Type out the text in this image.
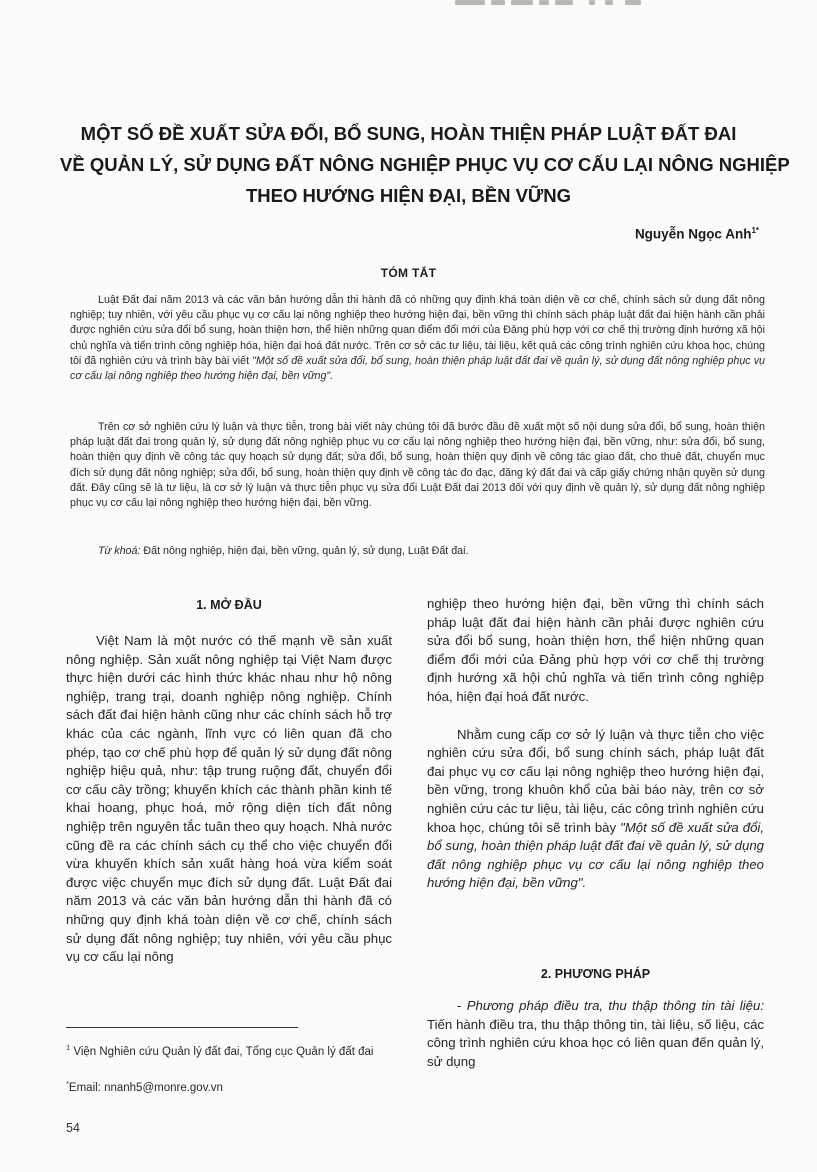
MỘT SỐ ĐỀ XUẤT SỬA ĐỔI, BỔ SUNG, HOÀN THIỆN PHÁP LUẬT ĐẤT ĐAI
VỀ QUẢN LÝ, SỬ DỤNG ĐẤT NÔNG NGHIỆP PHỤC VỤ CƠ CẤU LẠI NÔNG NGHIỆP
THEO HƯỚNG HIỆN ĐẠI, BỀN VỮNG
Nguyễn Ngọc Anh$^{1*}$
TÓM TẮT

Luật Đất đai năm 2013 và các văn bản hướng dẫn thi hành đã có những quy định khá toàn diện về cơ chế, chính sách sử dụng đất nông nghiệp; tuy nhiên, với yêu cầu phục vụ cơ cấu lại nông nghiệp theo hướng hiện đại, bền vững thì chính sách pháp luật đất đai hiện hành cần phải được nghiên cứu sửa đổi bổ sung, hoàn thiện hơn, thể hiện những quan điểm đổi mới của Đảng phù hợp với cơ chế thị trường định hướng xã hội chủ nghĩa và tiến trình công nghiệp hóa, hiện đại hoá đất nước. Trên cơ sở các tư liệu, tài liệu, kết quả các công trình nghiên cứu khoa học, chúng tôi đã nghiên cứu và trình bày bài viết "Một số đề xuất sửa đổi, bổ sung, hoàn thiện pháp luật đất đai về quản lý, sử dụng đất nông nghiệp phục vụ cơ cấu lại nông nghiệp theo hướng hiện đại, bền vững".

Trên cơ sở nghiên cứu lý luận và thực tiễn, trong bài viết này chúng tôi đã bước đầu đề xuất một số nội dung sửa đổi, bổ sung, hoàn thiện pháp luật đất đai trong quản lý, sử dụng đất nông nghiệp phục vụ cơ cấu lại nông nghiệp theo hướng hiện đại, bền vững, như: sửa đổi, bổ sung, hoàn thiện quy định về công tác quy hoạch sử dụng đất; sửa đổi, bổ sung, hoàn thiện quy định về công tác giao đất, cho thuê đất, chuyển mục đích sử dụng đất nông nghiệp; sửa đổi, bổ sung, hoàn thiện quy định về công tác đo đạc, đăng ký đất đai và cấp giấy chứng nhận quyền sử dụng đất. Đây cũng sẽ là tư liệu, là cơ sở lý luận và thực tiễn phục vụ sửa đổi Luật Đất đai 2013 đối với quy định về quản lý, sử dụng đất nông nghiệp phục vụ cơ cấu lại nông nghiệp theo hướng hiện đại, bền vững.

Từ khoá: Đất nông nghiệp, hiện đại, bền vững, quản lý, sử dụng, Luật Đất đai.

1. MỞ ĐẦU

Việt Nam là một nước có thế mạnh về sản xuất nông nghiệp. Sản xuất nông nghiệp tại Việt Nam được thực hiện dưới các hình thức khác nhau như hộ nông nghiệp, trang trại, doanh nghiệp nông nghiệp. Chính sách đất đai hiện hành cũng như các chính sách hỗ trợ khác của các ngành, lĩnh vực có liên quan đã cho phép, tạo cơ chế phù hợp để quản lý sử dụng đất nông nghiệp hiệu quả, như: tập trung ruộng đất, chuyển đổi cơ cấu cây trồng; khuyến khích các thành phần kinh tế khai hoang, phục hoá, mở rộng diện tích đất nông nghiệp trên nguyên tắc tuân theo quy hoạch. Nhà nước cũng đề ra các chính sách cụ thể cho việc chuyển đổi vừa khuyến khích sản xuất hàng hoá vừa kiểm soát được việc chuyển mục đích sử dụng đất. Luật Đất đai năm 2013 và các văn bản hướng dẫn thi hành đã có những quy định khá toàn diện về cơ chế, chính sách sử dụng đất nông nghiệp; tuy nhiên, với yêu cầu phục vụ cơ cấu lại nông

nghiệp theo hướng hiện đại, bền vững thì chính sách pháp luật đất đai hiện hành cần phải được nghiên cứu sửa đổi bổ sung, hoàn thiện hơn, thể hiện những quan điểm đổi mới của Đảng phù hợp với cơ chế thị trường định hướng xã hội chủ nghĩa và tiến trình công nghiệp hóa, hiện đại hoá đất nước.

Nhằm cung cấp cơ sở lý luận và thực tiễn cho việc nghiên cứu sửa đổi, bổ sung chính sách, pháp luật đất đai phục vụ cơ cấu lại nông nghiệp theo hướng hiện đại, bền vững, trong khuôn khổ của bài báo này, trên cơ sở nghiên cứu các tư liệu, tài liệu, các công trình nghiên cứu khoa học, chúng tôi sẽ trình bày "Một số đề xuất sửa đổi, bổ sung, hoàn thiện pháp luật đất đai về quản lý, sử dụng đất nông nghiệp phục vụ cơ cấu lại nông nghiệp theo hướng hiện đại, bền vững".

2. PHƯƠNG PHÁP

- Phương pháp điều tra, thu thập thông tin tài liệu: Tiến hành điều tra, thu thập thông tin, tài liệu, số liệu, các công trình nghiên cứu khoa học có liên quan đến quản lý, sử dụng

$^1$ Viện Nghiên cứu Quản lý đất đai, Tổng cục Quản lý đất đai
*Email: nnanh5@monre.gov.vn
54
